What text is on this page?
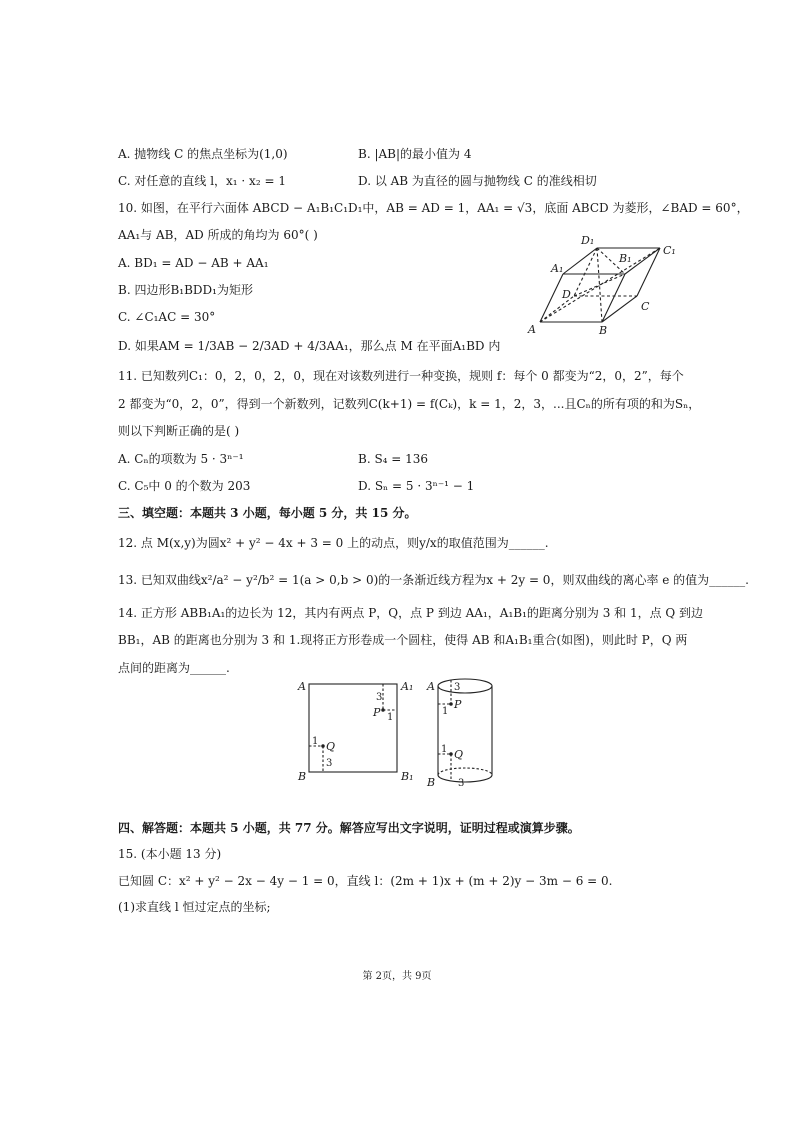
A. 抛物线 C 的焦点坐标为(1,0)	B. |AB|的最小值为 4
C. 对任意的直线 l，x₁ · x₂ = 1	D. 以 AB 为直径的圆与抛物线 C 的准线相切
10. 如图，在平行六面体 ABCD − A₁B₁C₁D₁中，AB = AD = 1，AA₁ = √3，底面 ABCD 为菱形，∠BAD = 60°，
AA₁与 AB，AD 所成的角均为 60°( )
A. BD₁ = AD − AB + AA₁
B. 四边形B₁BDD₁为矩形
C. ∠C₁AC = 30°
D. 如果AM = 1/3AB − 2/3AD + 4/3AA₁，那么点 M 在平面A₁BD 内
A	B
C
D
A₁
B₁
C₁
D₁
11. 已知数列C₁：0，2，0，2，0，现在对该数列进行一种变换，规则 f：每个 0 都变为“2，0，2”，每个
2 都变为“0，2，0”，得到一个新数列，记数列C(k+1) = f(Cₖ)，k = 1，2，3，...且Cₙ的所有项的和为Sₙ，
则以下判断正确的是( )
A. Cₙ的项数为 5 · 3ⁿ⁻¹	B. S₄ = 136
C. C₅中 0 的个数为 203	D. Sₙ = 5 · 3ⁿ⁻¹ − 1
三、填空题：本题共 3 小题，每小题 5 分，共 15 分。
12. 点 M(x,y)为圆x² + y² − 4x + 3 = 0 上的动点，则y/x的取值范围为______.
13. 已知双曲线x²/a² − y²/b² = 1(a > 0,b > 0)的一条渐近线方程为x + 2y = 0，则双曲线的离心率 e 的值为______.
14. 正方形 ABB₁A₁的边长为 12，其内有两点 P，Q，点 P 到边 AA₁，A₁B₁的距离分别为 3 和 1，点 Q 到边
BB₁，AB 的距离也分别为 3 和 1.现将正方形卷成一个圆柱，使得 AB 和A₁B₁重合(如图)，则此时 P，Q 两
点间的距离为______.
A	A₁
B	B₁
P
Q
3
1
1
3
A
B
P
Q
3
1
1
3
四、解答题：本题共 5 小题，共 77 分。解答应写出文字说明，证明过程或演算步骤。
15. (本小题 13 分)
已知圆 C：x² + y² − 2x − 4y − 1 = 0，直线 l：(2m + 1)x + (m + 2)y − 3m − 6 = 0.
(1)求直线 l 恒过定点的坐标;
第 2页，共 9页
